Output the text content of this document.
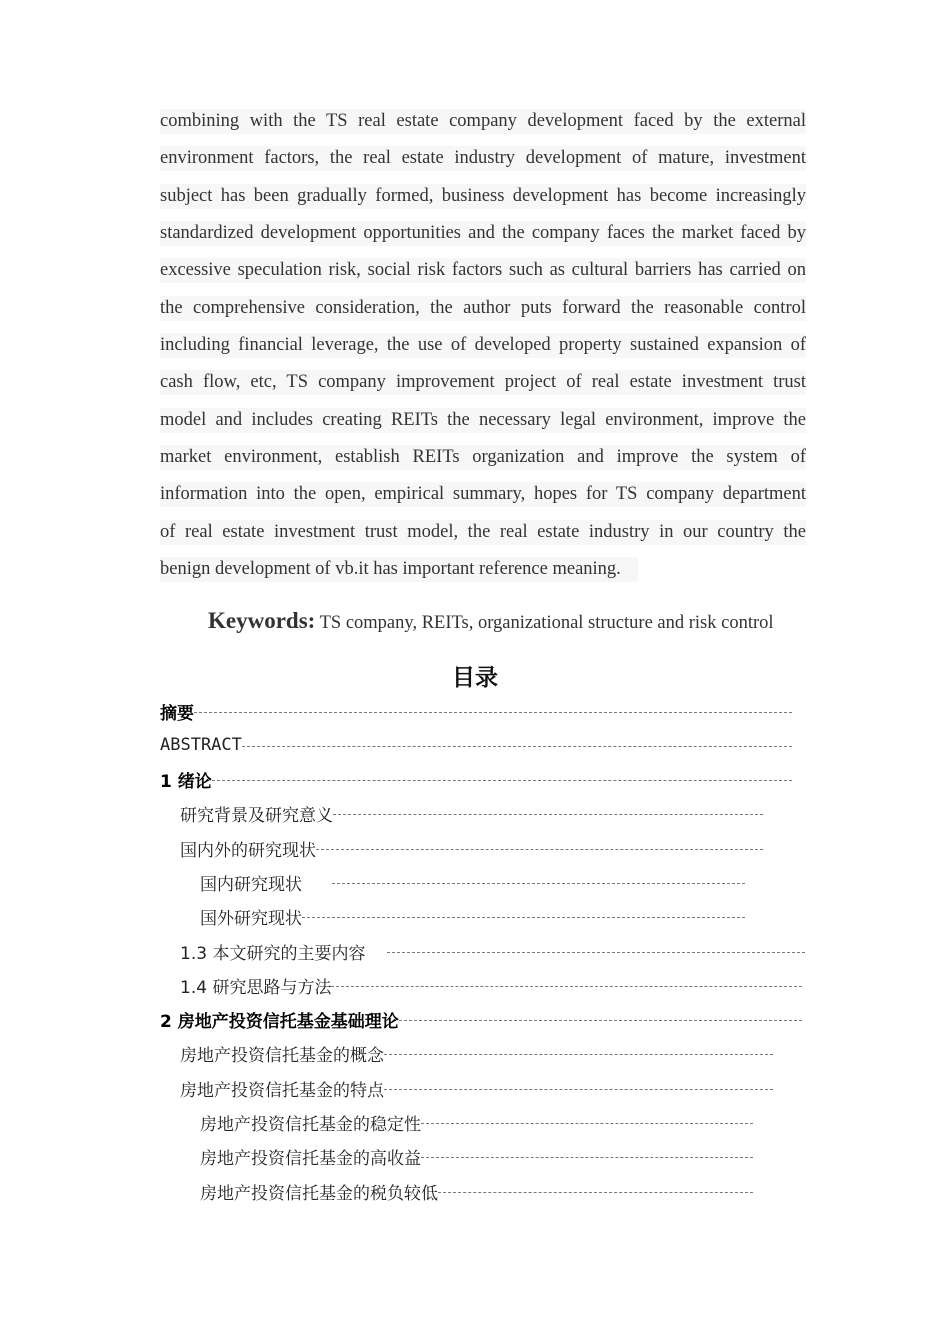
combining with the TS real estate company development faced by the external
environment factors, the real estate industry development of mature, investment
subject has been gradually formed, business development has become increasingly
standardized development opportunities and the company faces the market faced by
excessive speculation risk, social risk factors such as cultural barriers has carried on
the comprehensive consideration, the author puts forward the reasonable control
including financial leverage, the use of developed property sustained expansion of
cash flow, etc, TS company improvement project of real estate investment trust
model and includes creating REITs the necessary legal environment, improve the
market environment, establish REITs organization and improve the system of
information into the open, empirical summary, hopes for TS company department
of real estate investment trust model, the real estate industry in our country the
benign development of vb.it has important reference meaning.
Keywords: TS company, REITs, organizational structure and risk control
目录
摘要
ABSTRACT
1 绪论
研究背景及研究意义
国内外的研究现状
国内研究现状
国外研究现状
1.3 本文研究的主要内容
1.4 研究思路与方法
2 房地产投资信托基金基础理论
房地产投资信托基金的概念
房地产投资信托基金的特点
房地产投资信托基金的稳定性
房地产投资信托基金的高收益
房地产投资信托基金的税负较低
